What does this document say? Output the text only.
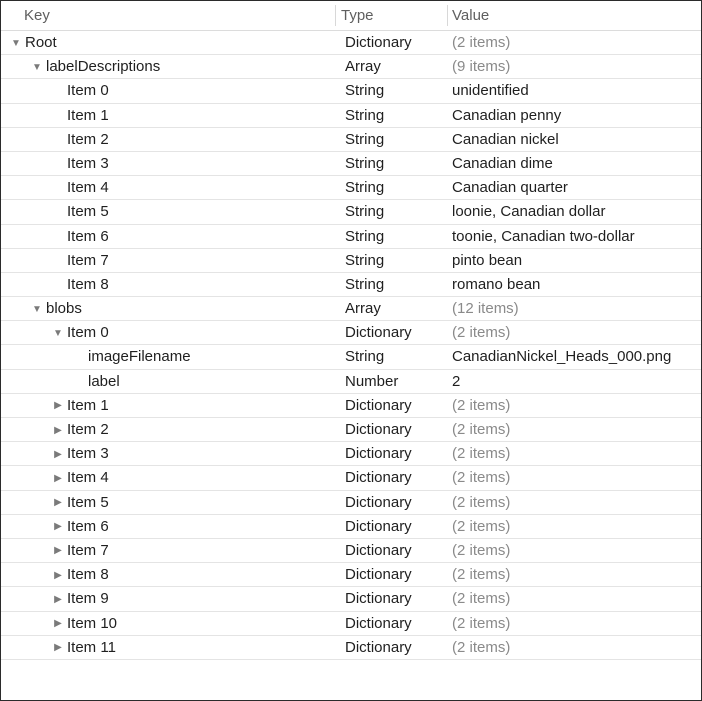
Key	Type	Value
▼ Root	Dictionary	(2 items)
▼ labelDescriptions	Array	(9 items)
Item 0	String	unidentified
Item 1	String	Canadian penny
Item 2	String	Canadian nickel
Item 3	String	Canadian dime
Item 4	String	Canadian quarter
Item 5	String	loonie, Canadian dollar
Item 6	String	toonie, Canadian two-dollar
Item 7	String	pinto bean
Item 8	String	romano bean
▼ blobs	Array	(12 items)
▼ Item 0	Dictionary	(2 items)
imageFilename	String	CanadianNickel_Heads_000.png
label	Number	2
▶ Item 1	Dictionary	(2 items)
▶ Item 2	Dictionary	(2 items)
▶ Item 3	Dictionary	(2 items)
▶ Item 4	Dictionary	(2 items)
▶ Item 5	Dictionary	(2 items)
▶ Item 6	Dictionary	(2 items)
▶ Item 7	Dictionary	(2 items)
▶ Item 8	Dictionary	(2 items)
▶ Item 9	Dictionary	(2 items)
▶ Item 10	Dictionary	(2 items)
▶ Item 11	Dictionary	(2 items)
